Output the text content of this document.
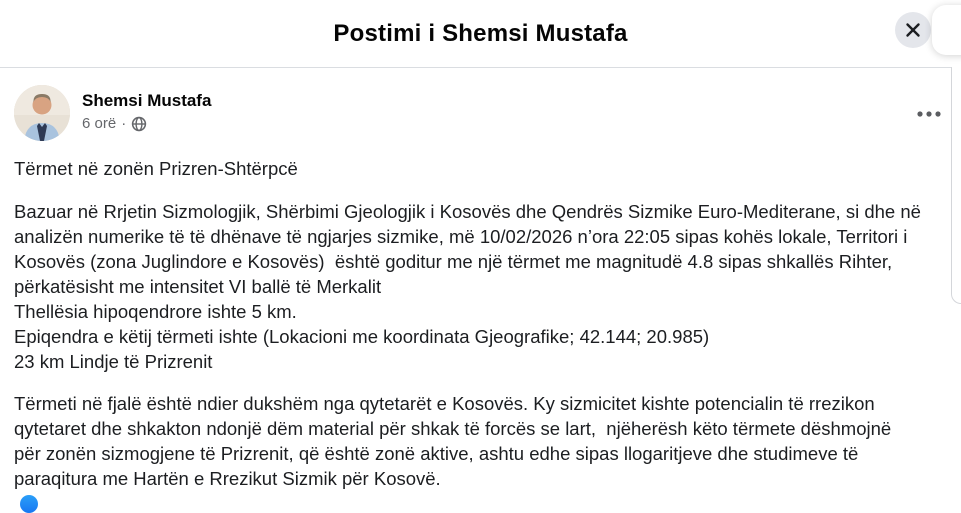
Postimi i Shemsi Mustafa
Shemsi Mustafa
6 orë ·
Tërmet në zonën Prizren-Shtërpcë
Bazuar në Rrjetin Sizmologjik, Shërbimi Gjeologjik i Kosovës dhe Qendrës Sizmike Euro-Mediterane, si dhe në
analizën numerike të të dhënave të ngjarjes sizmike, më 10/02/2026 n’ora 22:05 sipas kohës lokale, Territori i
Kosovës (zona Juglindore e Kosovës)  është goditur me një tërmet me magnitudë 4.8 sipas shkallës Rihter,
përkatësisht me intensitet VI ballë të Merkalit
Thellësia hipoqendrore ishte 5 km.
Epiqendra e këtij tërmeti ishte (Lokacioni me koordinata Gjeografike; 42.144; 20.985)
23 km Lindje të Prizrenit
Tërmeti në fjalë është ndier dukshëm nga qytetarët e Kosovës. Ky sizmicitet kishte potencialin të rrezikon
qytetaret dhe shkakton ndonjë dëm material për shkak të forcës se lart,  njëherësh këto tërmete dëshmojnë
për zonën sizmogjene të Prizrenit, që është zonë aktive, ashtu edhe sipas llogaritjeve dhe studimeve të
paraqitura me Hartën e Rrezikut Sizmik për Kosovë.
